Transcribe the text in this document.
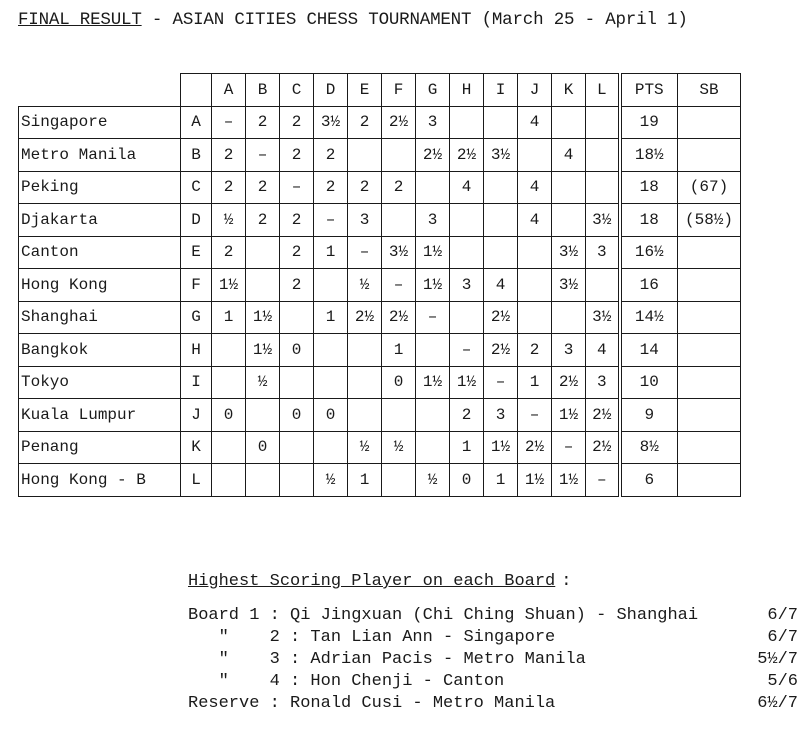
FINAL RESULT - ASIAN CITIES CHESS TOURNAMENT (March 25 - April 1)
		A	B	C	D	E	F	G	H	I	J	K	L	PTS	SB
Singapore	A	–	2	2	3½	2	2½	3			4			19	
Metro Manila	B	2	–	2	2			2½	2½	3½		4		18½	
Peking	C	2	2	–	2	2	2		4		4			18	(67)
Djakarta	D	½	2	2	–	3		3			4		3½	18	(58½)
Canton	E	2		2	1	–	3½	1½				3½	3	16½	
Hong Kong	F	1½		2		½	–	1½	3	4		3½		16	
Shanghai	G	1	1½		1	2½	2½	–		2½			3½	14½	
Bangkok	H		1½	0			1		–	2½	2	3	4	14	
Tokyo	I		½				0	1½	1½	–	1	2½	3	10	
Kuala Lumpur	J	0		0	0				2	3	–	1½	2½	9	
Penang	K		0			½	½		1	1½	2½	–	2½	8½	
Hong Kong - B	L				½	1		½	0	1	1½	1½	–	6	
Highest Scoring Player on each Board :
Board 1 : Qi Jingxuan (Chi Ching Shuan) - Shanghai	6/7
"    2 : Tan Lian Ann - Singapore	6/7
"    3 : Adrian Pacis - Metro Manila	5½/7
"    4 : Hon Chenji - Canton	5/6
Reserve : Ronald Cusi - Metro Manila	6½/7
